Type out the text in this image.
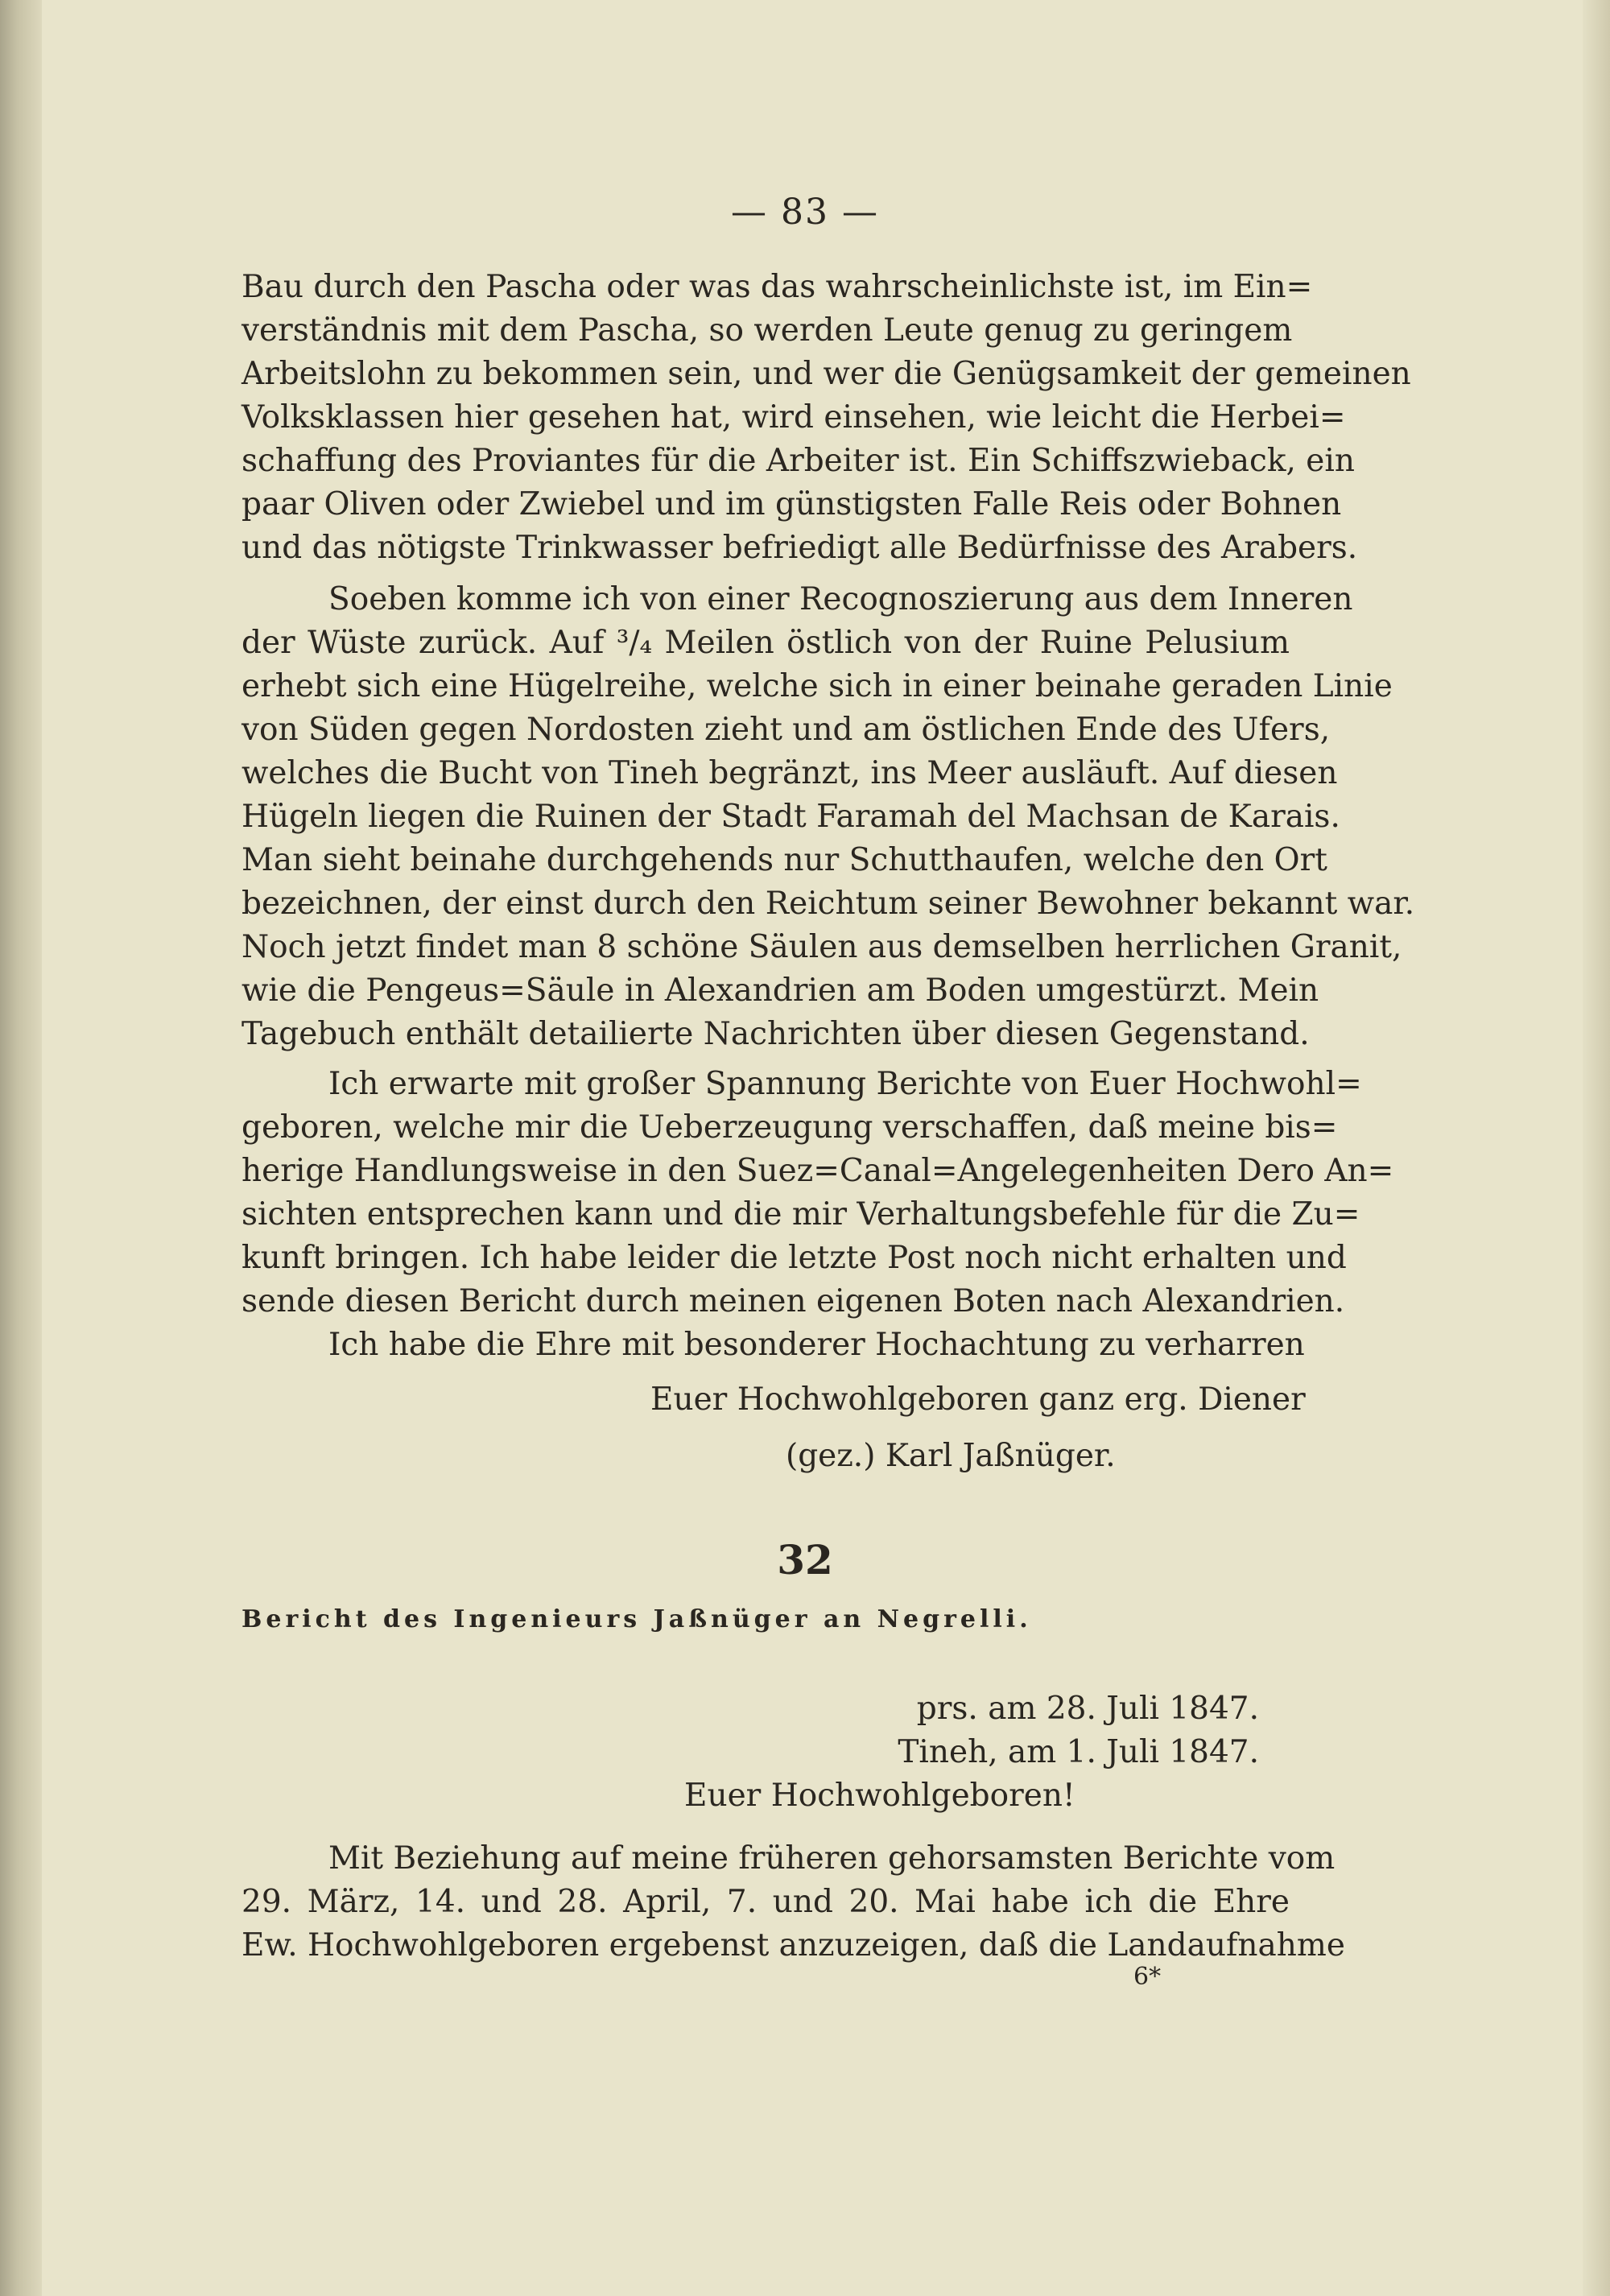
— 83 —
Bau durch den Pascha oder was das wahrscheinlichste ist, im Ein=
verständnis mit dem Pascha, so werden Leute genug zu geringem
Arbeitslohn zu bekommen sein, und wer die Genügsamkeit der gemeinen
Volksklassen hier gesehen hat, wird einsehen, wie leicht die Herbei=
schaffung des Proviantes für die Arbeiter ist. Ein Schiffszwieback, ein
paar Oliven oder Zwiebel und im günstigsten Falle Reis oder Bohnen
und das nötigste Trinkwasser befriedigt alle Bedürfnisse des Arabers.
Soeben komme ich von einer Recognoszierung aus dem Inneren
der Wüste zurück. Auf ³/₄ Meilen östlich von der Ruine Pelusium
erhebt sich eine Hügelreihe, welche sich in einer beinahe geraden Linie
von Süden gegen Nordosten zieht und am östlichen Ende des Ufers,
welches die Bucht von Tineh begränzt, ins Meer ausläuft. Auf diesen
Hügeln liegen die Ruinen der Stadt Faramah del Machsan de Karais.
Man sieht beinahe durchgehends nur Schutthaufen, welche den Ort
bezeichnen, der einst durch den Reichtum seiner Bewohner bekannt war.
Noch jetzt findet man 8 schöne Säulen aus demselben herrlichen Granit,
wie die Pengeus=Säule in Alexandrien am Boden umgestürzt. Mein
Tagebuch enthält detailierte Nachrichten über diesen Gegenstand.
Ich erwarte mit großer Spannung Berichte von Euer Hochwohl=
geboren, welche mir die Ueberzeugung verschaffen, daß meine bis=
herige Handlungsweise in den Suez=Canal=Angelegenheiten Dero An=
sichten entsprechen kann und die mir Verhaltungsbefehle für die Zu=
kunft bringen. Ich habe leider die letzte Post noch nicht erhalten und
sende diesen Bericht durch meinen eigenen Boten nach Alexandrien.
Ich habe die Ehre mit besonderer Hochachtung zu verharren
Euer Hochwohlgeboren ganz erg. Diener
(gez.) Karl Jaßnüger.
32
Bericht des Ingenieurs Jaßnüger an Negrelli.
prs. am 28. Juli 1847.
Tineh, am 1. Juli 1847.
Euer Hochwohlgeboren!
Mit Beziehung auf meine früheren gehorsamsten Berichte vom
29. März, 14. und 28. April, 7. und 20. Mai habe ich die Ehre
Ew. Hochwohlgeboren ergebenst anzuzeigen, daß die Landaufnahme
6*
